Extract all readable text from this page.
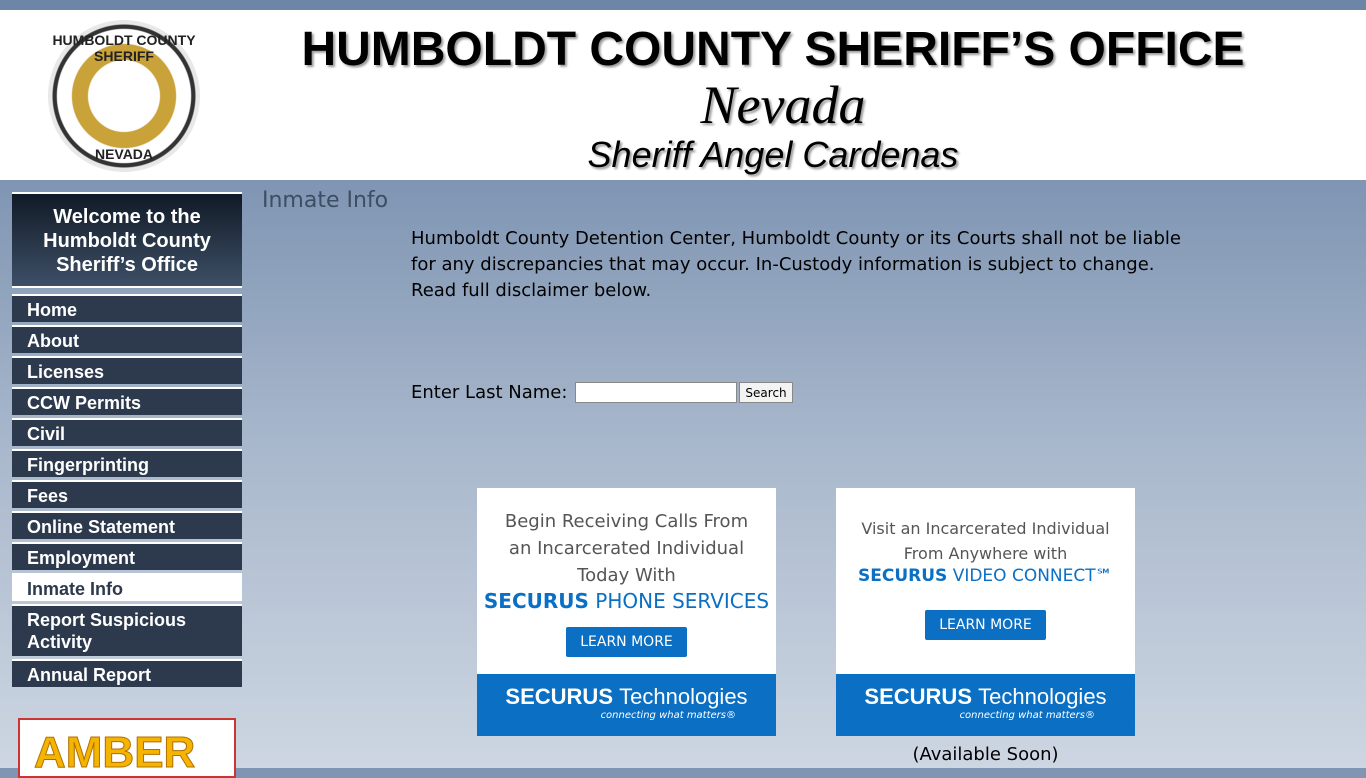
HUMBOLDT COUNTY SHERIFF
NEVADA
HUMBOLDT COUNTY SHERIFF’S OFFICE
Nevada
Sheriff Angel Cardenas
Welcome to the Humboldt County Sheriff’s Office
Home
About
Licenses
CCW Permits
Civil
Fingerprinting
Fees
Online Statement
Employment
Inmate Info
Report Suspicious Activity
Annual Report
AMBER
Inmate Info
Humboldt County Detention Center, Humboldt County or its Courts shall not be liable for any discrepancies that may occur. In-Custody information is subject to change. Read full disclaimer below.
Enter Last Name:	Search
Begin Receiving Calls From an Incarcerated Individual Today With
SECURUS PHONE SERVICES
LEARN MORE
SECURUS Technologies
connecting what matters®
Visit an Incarcerated Individual From Anywhere with
SECURUS VIDEO CONNECT℠
LEARN MORE
SECURUS Technologies
connecting what matters®
(Available Soon)
